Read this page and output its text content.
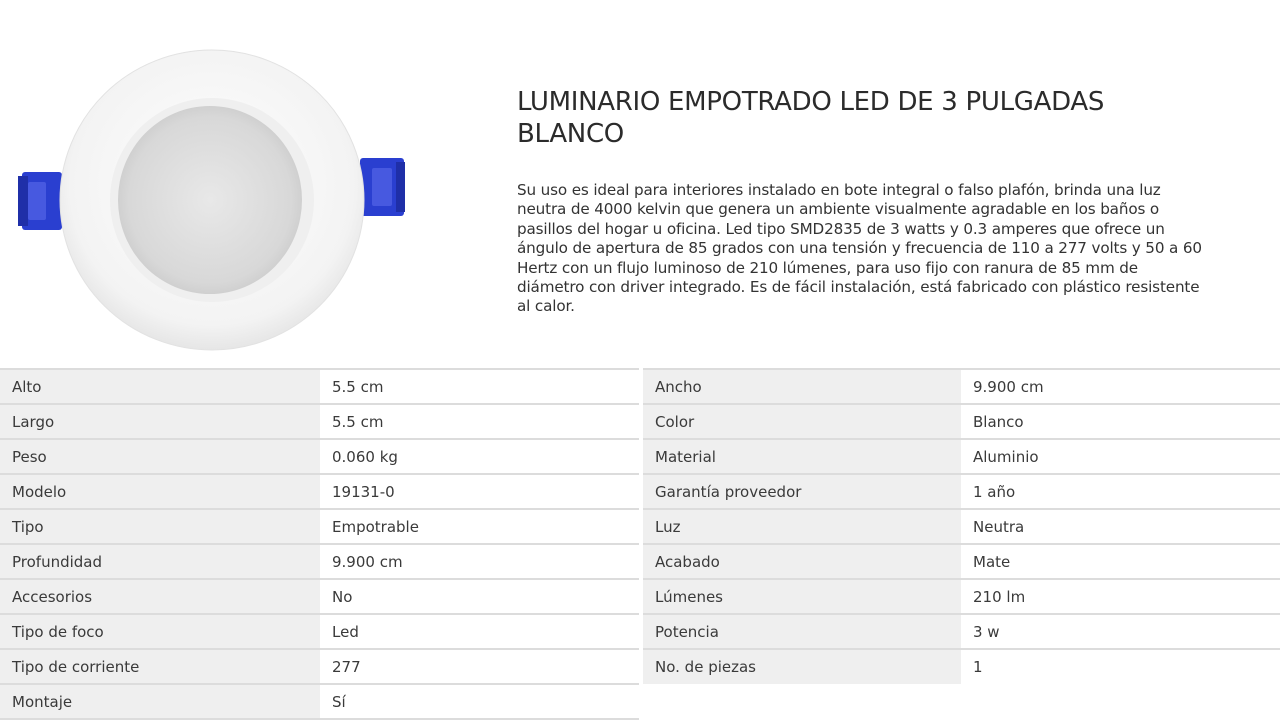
LUMINARIO EMPOTRADO LED DE 3 PULGADAS BLANCO

Su uso es ideal para interiores instalado en bote integral o falso plafón, brinda una luz neutra de 4000 kelvin que genera un ambiente visualmente agradable en los baños o pasillos del hogar u oficina. Led tipo SMD2835 de 3 watts y 0.3 amperes que ofrece un ángulo de apertura de 85 grados con una tensión y frecuencia de 110 a 277 volts y 50 a 60 Hertz con un flujo luminoso de 210 lúmenes, para uso fijo con ranura de 85 mm de diámetro con driver integrado. Es de fácil instalación, está fabricado con plástico resistente al calor.

Alto	5.5 cm
Largo	5.5 cm
Peso	0.060 kg
Modelo	19131-0
Tipo	Empotrable
Profundidad	9.900 cm
Accesorios	No
Tipo de foco	Led
Tipo de corriente	277
Montaje	Sí
Ancho	9.900 cm
Color	Blanco
Material	Aluminio
Garantía proveedor	1 año
Luz	Neutra
Acabado	Mate
Lúmenes	210 lm
Potencia	3 w
No. de piezas	1
